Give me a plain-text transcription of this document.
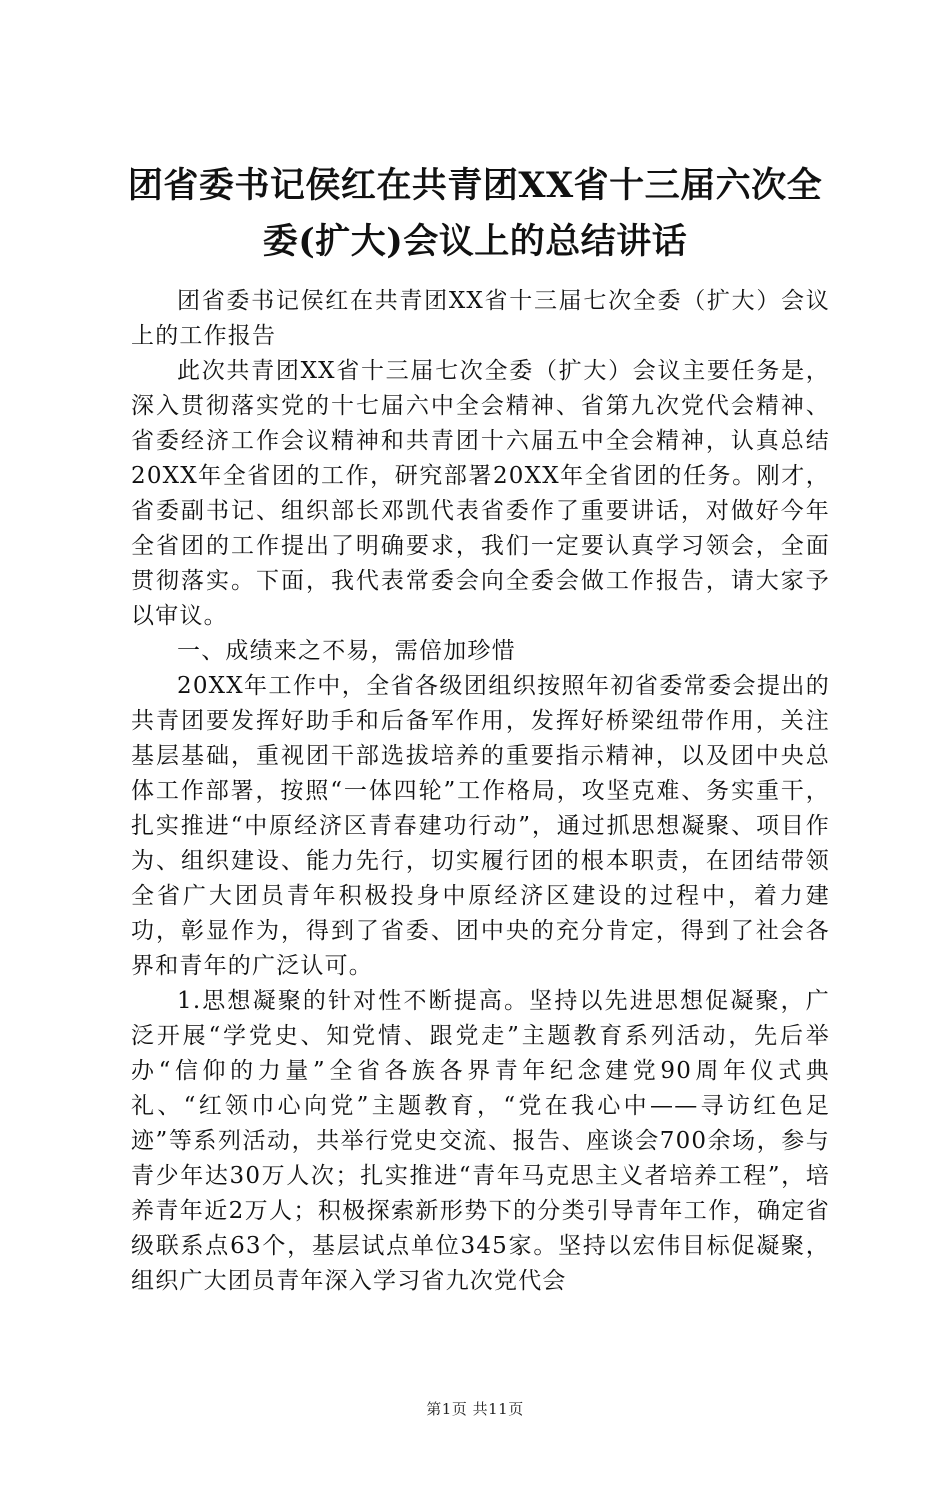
团省委书记侯红在共青团XX省十三届六次全委(扩大)会议上的总结讲话

团省委书记侯红在共青团XX省十三届七次全委（扩大）会议上的工作报告

此次共青团XX省十三届七次全委（扩大）会议主要任务是，深入贯彻落实党的十七届六中全会精神、省第九次党代会精神、省委经济工作会议精神和共青团十六届五中全会精神，认真总结20XX年全省团的工作，研究部署20XX年全省团的任务。刚才，省委副书记、组织部长邓凯代表省委作了重要讲话，对做好今年全省团的工作提出了明确要求，我们一定要认真学习领会，全面贯彻落实。下面，我代表常委会向全委会做工作报告，请大家予以审议。

一、成绩来之不易，需倍加珍惜

20XX年工作中，全省各级团组织按照年初省委常委会提出的共青团要发挥好助手和后备军作用，发挥好桥梁纽带作用，关注基层基础，重视团干部选拔培养的重要指示精神，以及团中央总体工作部署，按照“一体四轮”工作格局，攻坚克难、务实重干，扎实推进“中原经济区青春建功行动”，通过抓思想凝聚、项目作为、组织建设、能力先行，切实履行团的根本职责，在团结带领全省广大团员青年积极投身中原经济区建设的过程中，着力建功，彰显作为，得到了省委、团中央的充分肯定，得到了社会各界和青年的广泛认可。

1.思想凝聚的针对性不断提高。坚持以先进思想促凝聚，广泛开展“学党史、知党情、跟党走”主题教育系列活动，先后举办“信仰的力量”全省各族各界青年纪念建党90周年仪式典礼、“红领巾心向党”主题教育，“党在我心中——寻访红色足迹”等系列活动，共举行党史交流、报告、座谈会700余场，参与青少年达30万人次；扎实推进“青年马克思主义者培养工程”，培养青年近2万人；积极探索新形势下的分类引导青年工作，确定省级联系点63个，基层试点单位345家。坚持以宏伟目标促凝聚，组织广大团员青年深入学习省九次党代会

第1页 共11页
